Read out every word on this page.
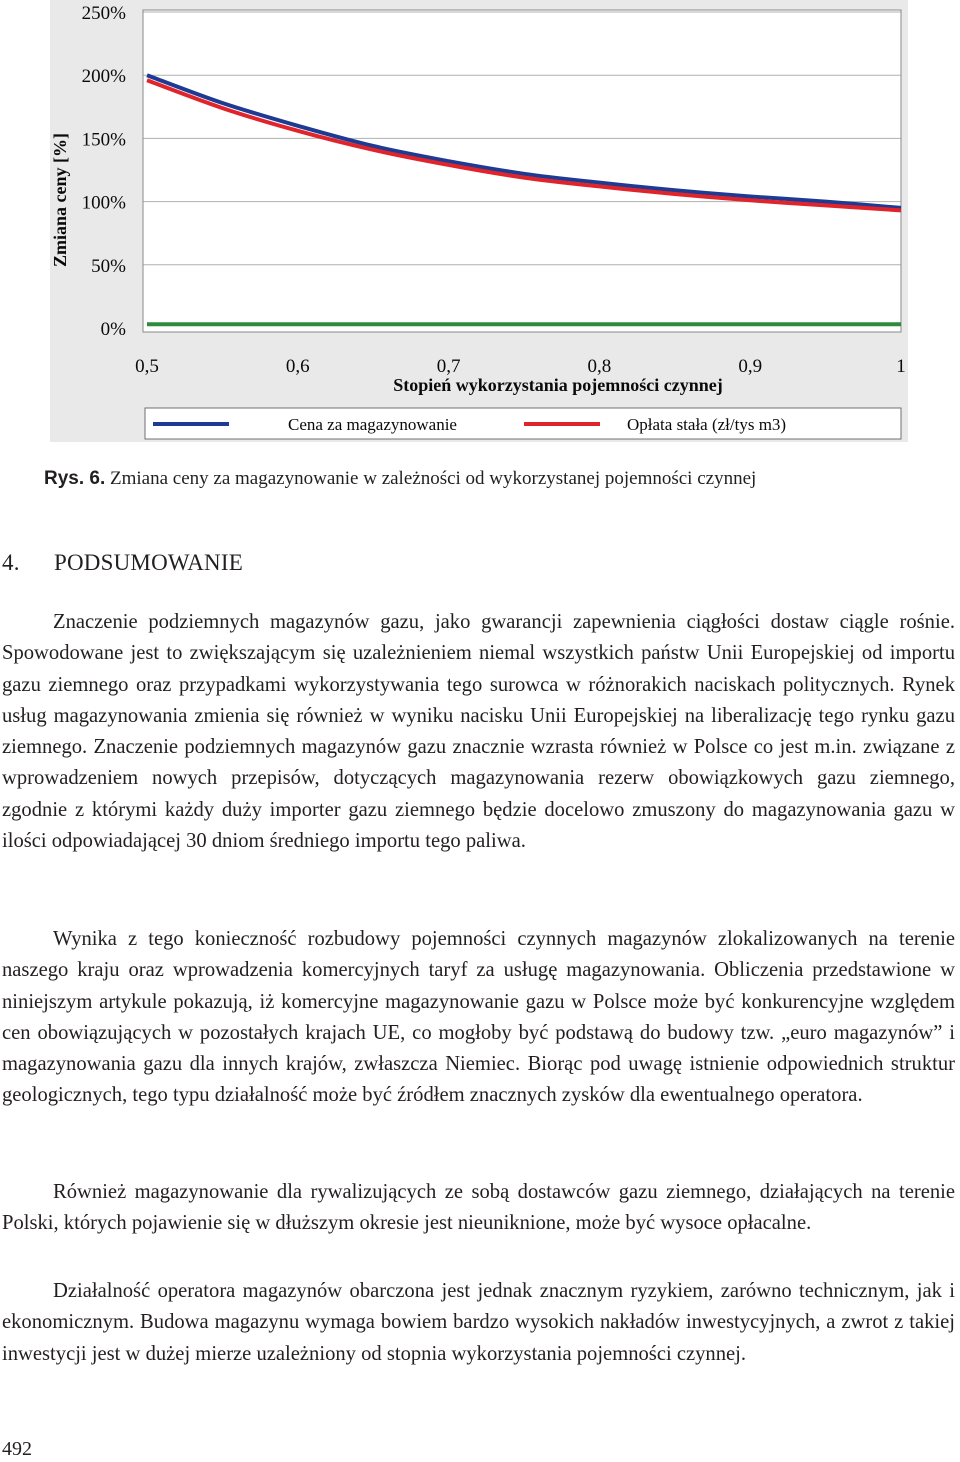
0%
50%
100%
150%
200%
250%
0,5	0,6	0,7	0,8	0,9	1
Zmiana ceny [%]
Stopień wykorzystania pojemności czynnej
Cena za magazynowanie	Opłata stała (zł/tys m3)
Rys. 6. Zmiana ceny za magazynowanie w zależności od wykorzystanej pojemności czynnej
4. PODSUMOWANIE

Znaczenie podziemnych magazynów gazu, jako gwarancji zapewnienia ciągłości dostaw ciągle rośnie. Spowodowane jest to zwiększającym się uzależnieniem niemal wszystkich państw Unii Europejskiej od importu gazu ziemnego oraz przypadkami wykorzystywania tego surowca w różnorakich naciskach politycznych. Rynek usług magazynowania zmienia się również w wyniku nacisku Unii Europejskiej na liberalizację tego rynku gazu ziemnego. Znaczenie podziemnych magazynów gazu znacznie wzrasta również w Polsce co jest m.in. związane z wprowadzeniem nowych przepisów, dotyczących magazynowania rezerw obowiązkowych gazu ziemnego, zgodnie z którymi każdy duży importer gazu ziemnego będzie docelowo zmuszony do magazynowania gazu w ilości odpowiadającej 30 dniom średniego importu tego paliwa.

Wynika z tego konieczność rozbudowy pojemności czynnych magazynów zlokalizowanych na terenie naszego kraju oraz wprowadzenia komercyjnych taryf za usługę magazynowania. Obliczenia przedstawione w niniejszym artykule pokazują, iż komercyjne magazynowanie gazu w Polsce może być konkurencyjne względem cen obowiązujących w pozostałych krajach UE, co mogłoby być podstawą do budowy tzw. „euro magazynów” i magazynowania gazu dla innych krajów, zwłaszcza Niemiec. Biorąc pod uwagę istnienie odpowiednich struktur geologicznych, tego typu działalność może być źródłem znacznych zysków dla ewentualnego operatora.

Również magazynowanie dla rywalizujących ze sobą dostawców gazu ziemnego, działających na terenie Polski, których pojawienie się w dłuższym okresie jest nieuniknione, może być wysoce opłacalne.

Działalność operatora magazynów obarczona jest jednak znacznym ryzykiem, zarówno technicznym, jak i ekonomicznym. Budowa magazynu wymaga bowiem bardzo wysokich nakładów inwestycyjnych, a zwrot z takiej inwestycji jest w dużej mierze uzależniony od stopnia wykorzystania pojemności czynnej.

492
